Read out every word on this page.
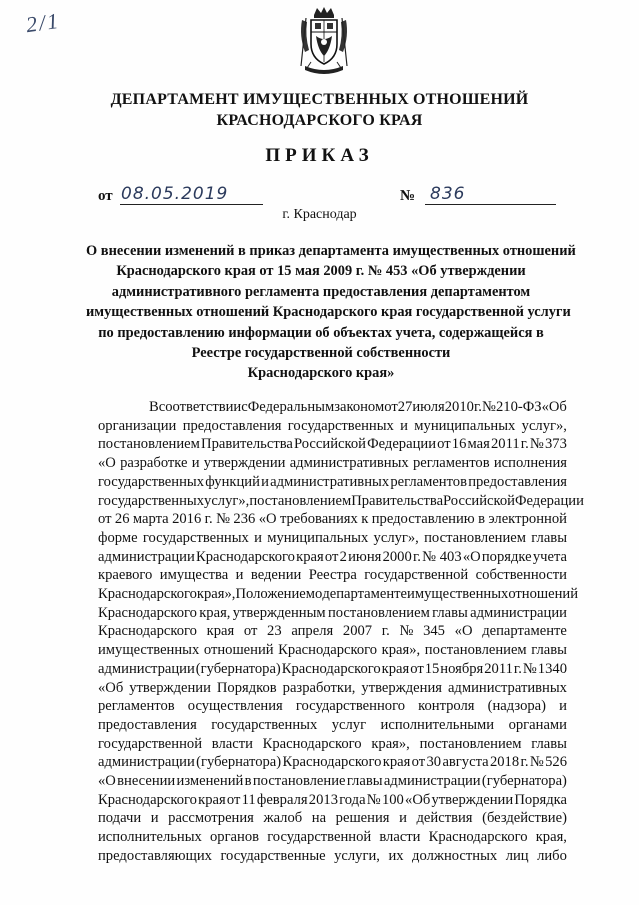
2/1
ДЕПАРТАМЕНТ ИМУЩЕСТВЕННЫХ ОТНОШЕНИЙ
КРАСНОДАРСКОГО КРАЯ
ПРИКАЗ
от 08.05.2019	№ 836
г. Краснодар
О внесении изменений в приказ департамента имущественных отношений
Краснодарского края от 15 мая 2009 г. № 453 «Об утверждении
административного регламента предоставления департаментом
имущественных отношений Краснодарского края государственной услуги
по предоставлению информации об объектах учета, содержащейся в
Реестре государственной собственности
Краснодарского края»
В соответствии с Федеральным законом от 27 июля 2010 г. № 210-ФЗ «Об
организации предоставления государственных и муниципальных услуг»,
постановлением Правительства Российской Федерации от 16 мая 2011 г. № 373
«О разработке и утверждении административных регламентов исполнения
государственных функций и административных регламентов предоставления
государственных услуг», постановлением Правительства Российской Федерации
от 26 марта 2016 г. № 236 «О требованиях к предоставлению в электронной
форме государственных и муниципальных услуг», постановлением главы
администрации Краснодарского края от 2 июня 2000 г. № 403 «О порядке учета
краевого имущества и ведении Реестра государственной собственности
Краснодарского края», Положением о департаменте имущественных отношений
Краснодарского края, утвержденным постановлением главы администрации
Краснодарского края от 23 апреля 2007 г. № 345 «О департаменте
имущественных отношений Краснодарского края», постановлением главы
администрации (губернатора) Краснодарского края от 15 ноября 2011 г. № 1340
«Об утверждении Порядков разработки, утверждения административных
регламентов осуществления государственного контроля (надзора) и
предоставления государственных услуг исполнительными органами
государственной власти Краснодарского края», постановлением главы
администрации (губернатора) Краснодарского края от 30 августа 2018 г. № 526
«О внесении изменений в постановление главы администрации (губернатора)
Краснодарского края от 11 февраля 2013 года № 100 «Об утверждении Порядка
подачи и рассмотрения жалоб на решения и действия (бездействие)
исполнительных органов государственной власти Краснодарского края,
предоставляющих государственные услуги, их должностных лиц либо
